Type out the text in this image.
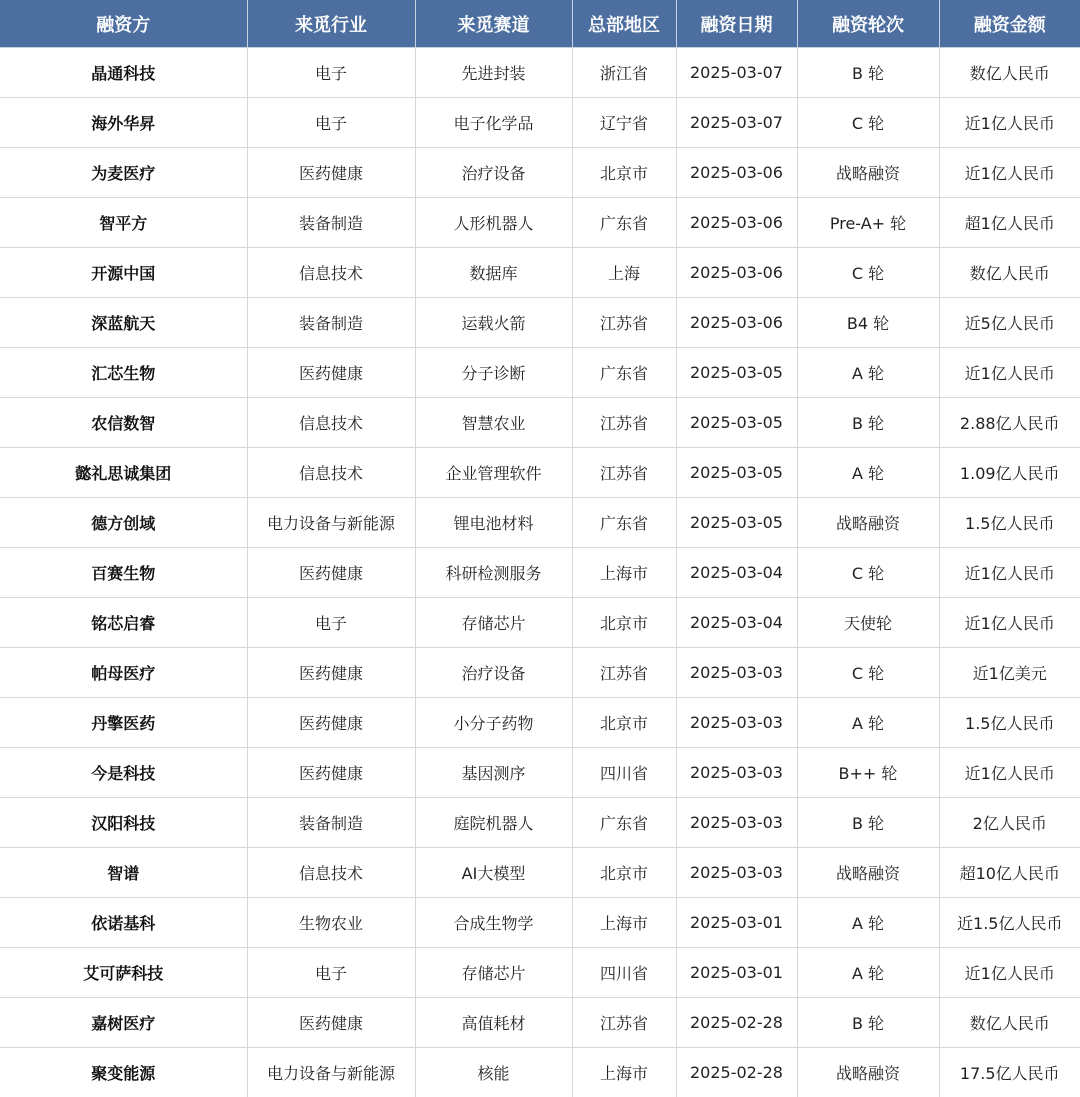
融资方	来觅行业	来觅赛道	总部地区	融资日期	融资轮次	融资金额
晶通科技	电子	先进封装	浙江省	2025-03-07	B 轮	数亿人民币
海外华昇	电子	电子化学品	辽宁省	2025-03-07	C 轮	近1亿人民币
为麦医疗	医药健康	治疗设备	北京市	2025-03-06	战略融资	近1亿人民币
智平方	装备制造	人形机器人	广东省	2025-03-06	Pre-A+ 轮	超1亿人民币
开源中国	信息技术	数据库	上海	2025-03-06	C 轮	数亿人民币
深蓝航天	装备制造	运载火箭	江苏省	2025-03-06	B4 轮	近5亿人民币
汇芯生物	医药健康	分子诊断	广东省	2025-03-05	A 轮	近1亿人民币
农信数智	信息技术	智慧农业	江苏省	2025-03-05	B 轮	2.88亿人民币
懿礼思诚集团	信息技术	企业管理软件	江苏省	2025-03-05	A 轮	1.09亿人民币
德方创域	电力设备与新能源	锂电池材料	广东省	2025-03-05	战略融资	1.5亿人民币
百赛生物	医药健康	科研检测服务	上海市	2025-03-04	C 轮	近1亿人民币
铭芯启睿	电子	存储芯片	北京市	2025-03-04	天使轮	近1亿人民币
帕母医疗	医药健康	治疗设备	江苏省	2025-03-03	C 轮	近1亿美元
丹擎医药	医药健康	小分子药物	北京市	2025-03-03	A 轮	1.5亿人民币
今是科技	医药健康	基因测序	四川省	2025-03-03	B++ 轮	近1亿人民币
汉阳科技	装备制造	庭院机器人	广东省	2025-03-03	B 轮	2亿人民币
智谱	信息技术	AI大模型	北京市	2025-03-03	战略融资	超10亿人民币
依诺基科	生物农业	合成生物学	上海市	2025-03-01	A 轮	近1.5亿人民币
艾可萨科技	电子	存储芯片	四川省	2025-03-01	A 轮	近1亿人民币
嘉树医疗	医药健康	高值耗材	江苏省	2025-02-28	B 轮	数亿人民币
聚变能源	电力设备与新能源	核能	上海市	2025-02-28	战略融资	17.5亿人民币
